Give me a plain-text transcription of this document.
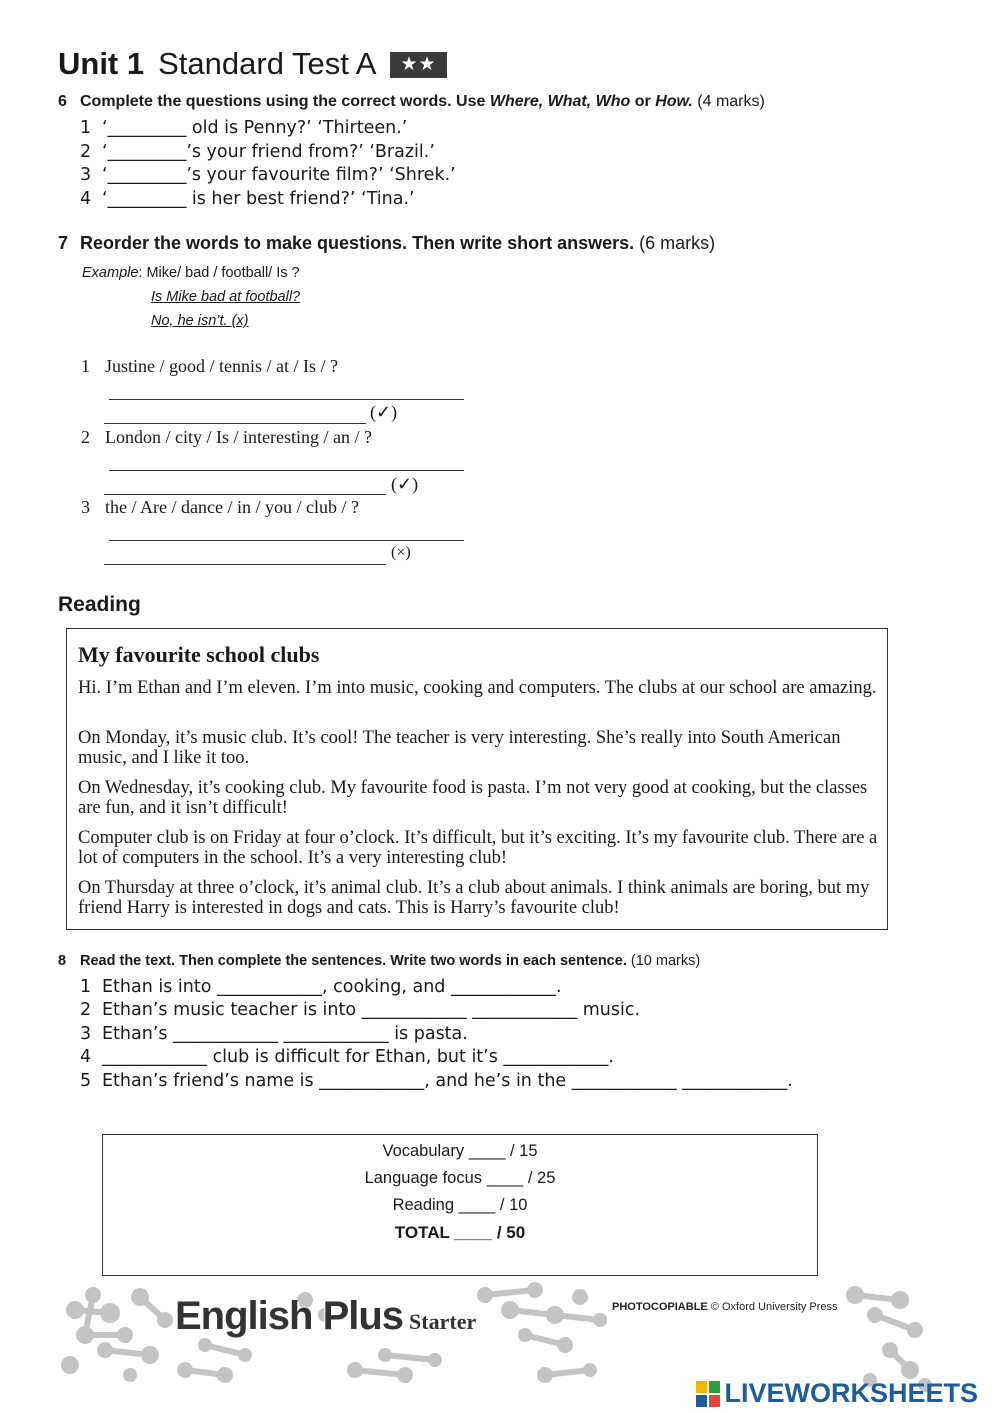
Unit 1 Standard Test A ★★
6 Complete the questions using the correct words. Use Where, What, Who or How. (4 marks)
1 ‘_________ old is Penny?’ ‘Thirteen.’
2 ‘_________’s your friend from?’ ‘Brazil.’
3 ‘_________’s your favourite film?’ ‘Shrek.’
4 ‘_________ is her best friend?’ ‘Tina.’
7 Reorder the words to make questions. Then write short answers. (6 marks)
Example: Mike/ bad / football/ Is ?
Is Mike bad at football?
No, he isn’t. (x)
1 Justine / good / tennis / at / Is / ?
(✓)
2 London / city / Is / interesting / an / ?
(✓)
3 the / Are / dance / in / you / club / ?
(×)
Reading
My favourite school clubs
Hi. I’m Ethan and I’m eleven. I’m into music, cooking and computers. The clubs at our school are amazing.
On Monday, it’s music club. It’s cool! The teacher is very interesting. She’s really into South American music, and I like it too.
On Wednesday, it’s cooking club. My favourite food is pasta. I’m not very good at cooking, but the classes are fun, and it isn’t difficult!
Computer club is on Friday at four o’clock. It’s difficult, but it’s exciting. It’s my favourite club. There are a lot of computers in the school. It’s a very interesting club!
On Thursday at three o’clock, it’s animal club. It’s a club about animals. I think animals are boring, but my friend Harry is interested in dogs and cats. This is Harry’s favourite club!
8 Read the text. Then complete the sentences. Write two words in each sentence. (10 marks)
1 Ethan is into ____________, cooking, and ____________.
2 Ethan’s music teacher is into ____________ ____________ music.
3 Ethan’s ____________ ____________ is pasta.
4 ____________ club is difficult for Ethan, but it’s ____________.
5 Ethan’s friend’s name is ____________, and he’s in the ____________ ____________.
Vocabulary ____ / 15
Language focus ____ / 25
Reading ____ / 10
TOTAL ____ / 50
English Plus Starter
PHOTOCOPIABLE © Oxford University Press
LIVEWORKSHEETS
